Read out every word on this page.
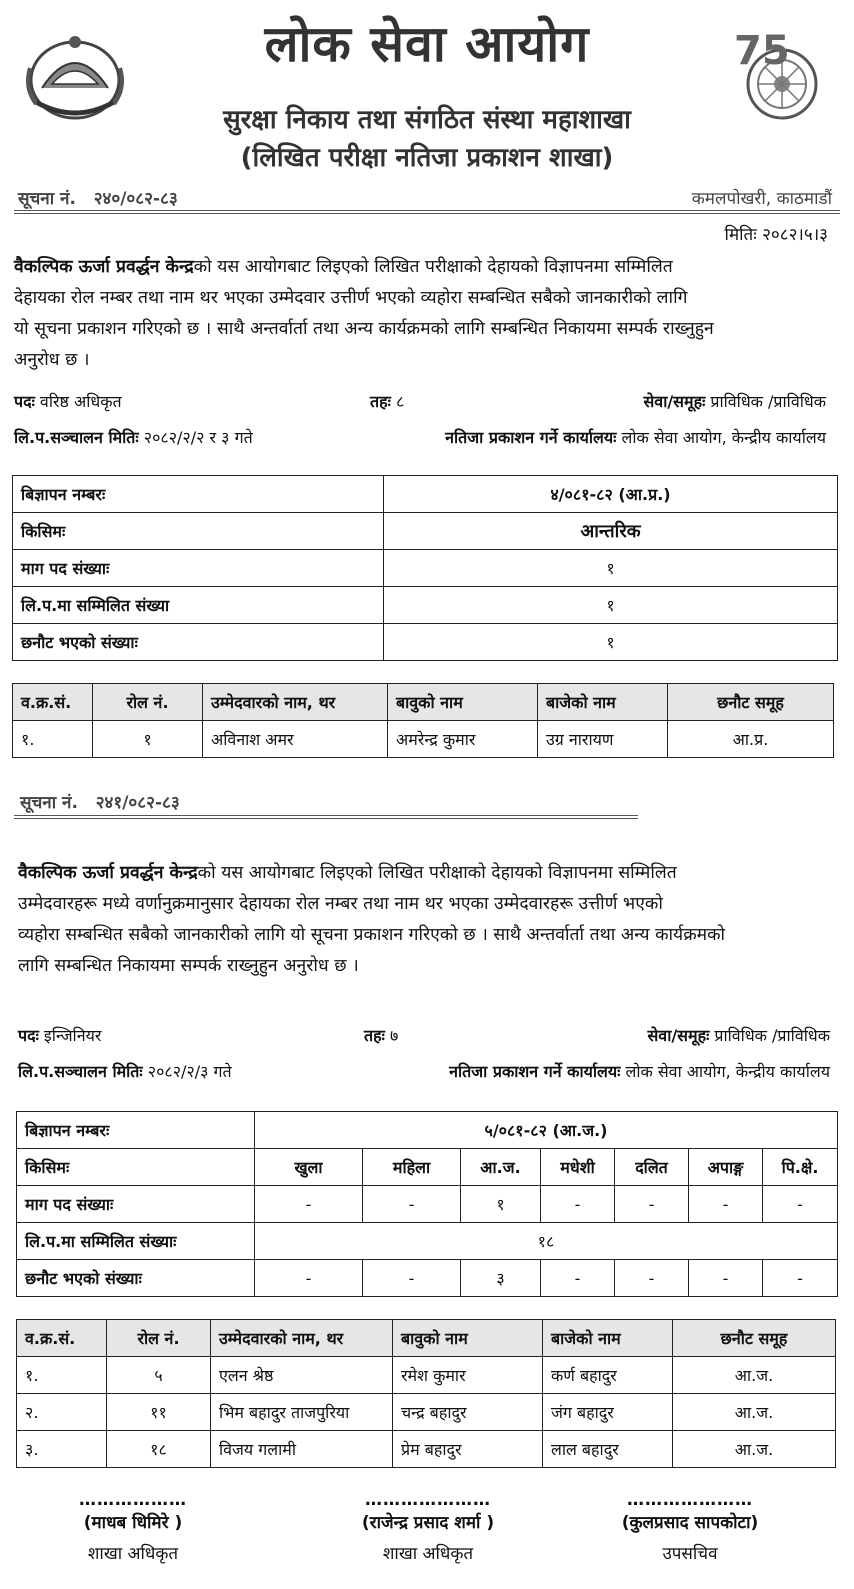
लोक सेवा आयोग	75
सुरक्षा निकाय तथा संगठित संस्था महाशाखा
(लिखित परीक्षा नतिजा प्रकाशन शाखा)
सूचना नं. २४०/०८२-८३	कमलपोखरी, काठमाडौं
मितिः २०८२।५।३
वैकल्पिक ऊर्जा प्रवर्द्धन केन्द्रको यस आयोगबाट लिइएको लिखित परीक्षाको देहायको विज्ञापनमा सम्मिलित
देहायका रोल नम्बर तथा नाम थर भएका उम्मेदवार उत्तीर्ण भएको व्यहोरा सम्बन्धित सबैको जानकारीको लागि
यो सूचना प्रकाशन गरिएको छ । साथै अन्तर्वार्ता तथा अन्य कार्यक्रमको लागि सम्बन्धित निकायमा सम्पर्क राख्नुहुन
अनुरोध छ ।
पदः वरिष्ठ अधिकृत	तहः ८	सेवा/समूहः प्राविधिक /प्राविधिक
लि.प.सञ्चालन मितिः २०८२/२/२ र ३ गते	नतिजा प्रकाशन गर्ने कार्यालयः लोक सेवा आयोग, केन्द्रीय कार्यालय
बिज्ञापन नम्बरः	४/०८१-८२ (आ.प्र.)
किसिमः	आन्तरिक
माग पद संख्याः	१
लि.प.मा सम्मिलित संख्या	१
छनौट भएको संख्याः	१
व.क्र.सं.	रोल नं.	उम्मेदवारको नाम, थर	बावुको नाम	बाजेको नाम	छनौट समूह
१.	१	अविनाश अमर	अमरेन्द्र कुमार	उग्र नारायण	आ.प्र.
सूचना नं. २४१/०८२-८३
वैकल्पिक ऊर्जा प्रवर्द्धन केन्द्रको यस आयोगबाट लिइएको लिखित परीक्षाको देहायको विज्ञापनमा सम्मिलित
उम्मेदवारहरू मध्ये वर्णानुक्रमानुसार देहायका रोल नम्बर तथा नाम थर भएका उम्मेदवारहरू उत्तीर्ण भएको
व्यहोरा सम्बन्धित सबैको जानकारीको लागि यो सूचना प्रकाशन गरिएको छ । साथै अन्तर्वार्ता तथा अन्य कार्यक्रमको
लागि सम्बन्धित निकायमा सम्पर्क राख्नुहुन अनुरोध छ ।
पदः इन्जिनियर	तहः ७	सेवा/समूहः प्राविधिक /प्राविधिक
लि.प.सञ्चालन मितिः २०८२/२/३ गते	नतिजा प्रकाशन गर्ने कार्यालयः लोक सेवा आयोग, केन्द्रीय कार्यालय
बिज्ञापन नम्बरः	५/०८१-८२ (आ.ज.)						
किसिमः	खुला	महिला	आ.ज.	मधेशी	दलित	अपाङ्ग	पि.क्षे.
माग पद संख्याः	-	-	१	-	-	-	-
लि.प.मा सम्मिलित संख्याः	१८						
छनौट भएको संख्याः	-	-	३	-	-	-	-
व.क्र.सं.	रोल नं.	उम्मेदवारको नाम, थर	बावुको नाम	बाजेको नाम	छनौट समूह
१.	५	एलन श्रेष्ठ	रमेश कुमार	कर्ण बहादुर	आ.ज.
२.	११	भिम बहादुर ताजपुरिया	चन्द्र बहादुर	जंग बहादुर	आ.ज.
३.	१८	विजय गलामी	प्रेम बहादुर	लाल बहादुर	आ.ज.
………………
(माधब धिमिरे )
शाखा अधिकृत
…………………
(राजेन्द्र प्रसाद शर्मा )
शाखा अधिकृत
…………………
(कुलप्रसाद सापकोटा)
उपसचिव
